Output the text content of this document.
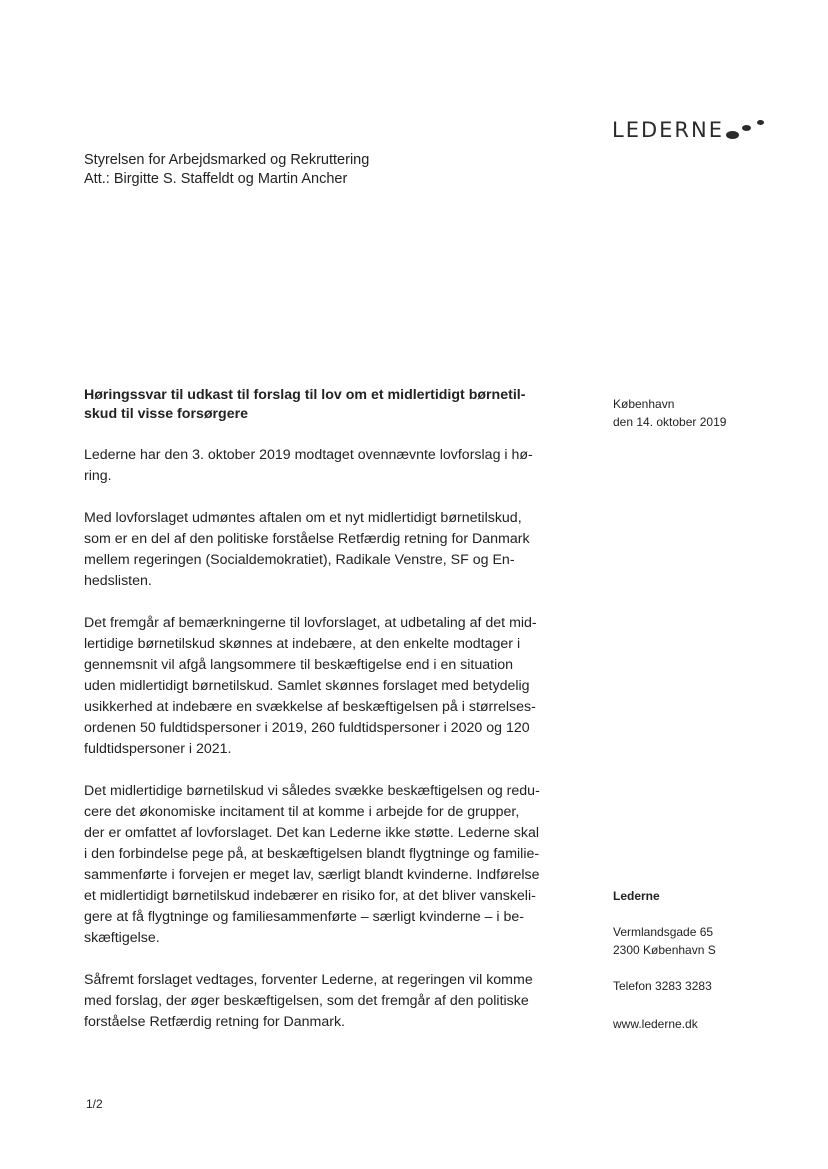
LEDERNE
Styrelsen for Arbejdsmarked og Rekruttering
Att.: Birgitte S. Staffeldt og Martin Ancher
Høringssvar til udkast til forslag til lov om et midlertidigt børnetil-
skud til visse forsørgere

Lederne har den 3. oktober 2019 modtaget ovennævnte lovforslag i hø-
ring.

Med lovforslaget udmøntes aftalen om et nyt midlertidigt børnetilskud,
som er en del af den politiske forståelse Retfærdig retning for Danmark
mellem regeringen (Socialdemokratiet), Radikale Venstre, SF og En-
hedslisten.

Det fremgår af bemærkningerne til lovforslaget, at udbetaling af det mid-
lertidige børnetilskud skønnes at indebære, at den enkelte modtager i
gennemsnit vil afgå langsommere til beskæftigelse end i en situation
uden midlertidigt børnetilskud. Samlet skønnes forslaget med betydelig
usikkerhed at indebære en svækkelse af beskæftigelsen på i størrelses-
ordenen 50 fuldtidspersoner i 2019, 260 fuldtidspersoner i 2020 og 120
fuldtidspersoner i 2021.

Det midlertidige børnetilskud vi således svække beskæftigelsen og redu-
cere det økonomiske incitament til at komme i arbejde for de grupper,
der er omfattet af lovforslaget. Det kan Lederne ikke støtte. Lederne skal
i den forbindelse pege på, at beskæftigelsen blandt flygtninge og familie-
sammenførte i forvejen er meget lav, særligt blandt kvinderne. Indførelse
et midlertidigt børnetilskud indebærer en risiko for, at det bliver vanskeli-
gere at få flygtninge og familiesammenførte – særligt kvinderne – i be-
skæftigelse.

Såfremt forslaget vedtages, forventer Lederne, at regeringen vil komme
med forslag, der øger beskæftigelsen, som det fremgår af den politiske
forståelse Retfærdig retning for Danmark.

København
den 14. oktober 2019
Lederne
Vermlandsgade 65
2300 København S
Telefon 3283 3283
www.lederne.dk
1/2
